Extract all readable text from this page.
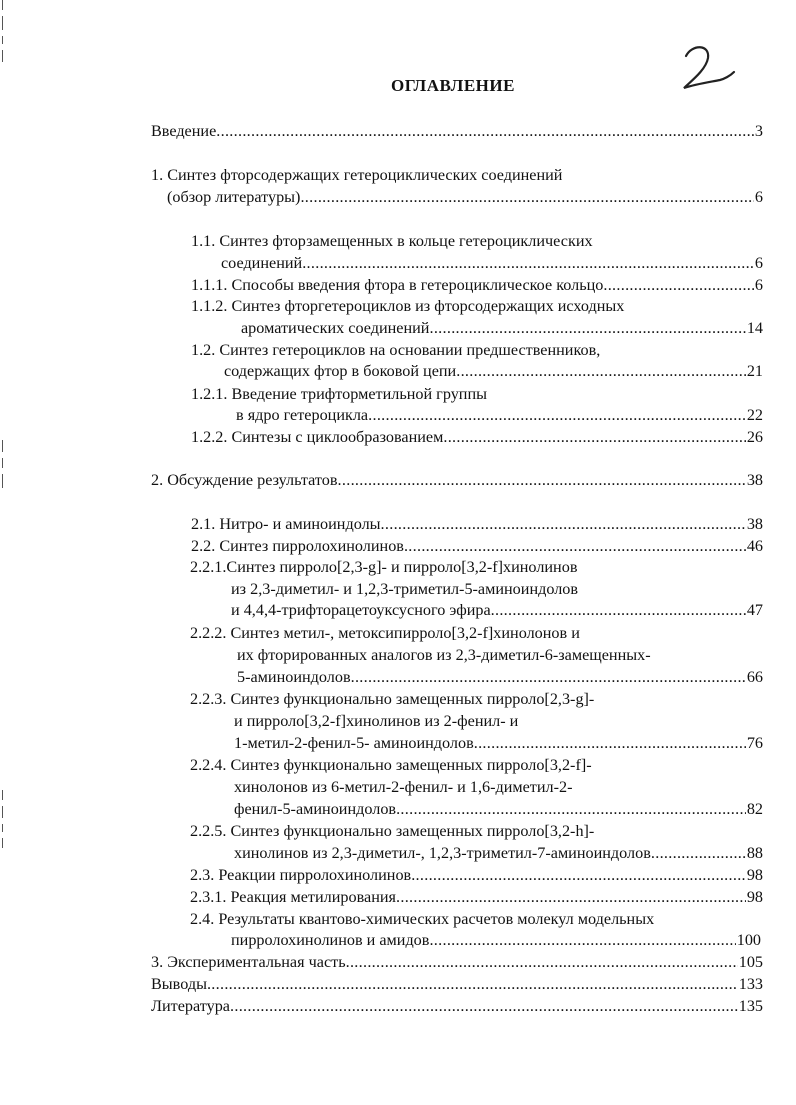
ОГЛАВЛЕНИЕ
Введение .....	3
1. Синтез фторсодержащих гетероциклических соединений
(обзор литературы) .....	6
1.1. Синтез фторзамещенных в кольце гетероциклических
соединений .....	6
1.1.1. Способы введения фтора в гетероциклическое кольцо .....	6
1.1.2. Синтез фторгетероциклов из фторсодержащих исходных
ароматических соединений .....	14
1.2. Синтез гетероциклов на основании предшественников,
содержащих фтор в боковой цепи .....	21
1.2.1. Введение трифторметильной группы
в ядро гетероцикла .....	22
1.2.2. Синтезы с циклообразованием .....	26
2. Обсуждение результатов .....	38
2.1. Нитро- и аминоиндолы .....	38
2.2. Синтез пирролохинолинов .....	46
2.2.1.Синтез пирроло[2,3-g]- и пирроло[3,2-f]хинолинов
из 2,3-диметил- и 1,2,3-триметил-5-аминоиндолов
и 4,4,4-трифторацетоуксусного эфира .....	47
2.2.2. Синтез метил-, метоксипирроло[3,2-f]хинолонов и
их фторированных аналогов из 2,3-диметил-6-замещенных-
5-аминоиндолов .....	66
2.2.3. Синтез функционально замещенных пирроло[2,3-g]-
и пирроло[3,2-f]хинолинов из 2-фенил- и
1-метил-2-фенил-5- аминоиндолов .....	76
2.2.4. Синтез функционально замещенных пирроло[3,2-f]-
хинолонов из 6-метил-2-фенил- и 1,6-диметил-2-
фенил-5-аминоиндолов .....	82
2.2.5. Синтез функционально замещенных пирроло[3,2-h]-
хинолинов из 2,3-диметил-, 1,2,3-триметил-7-аминоиндолов .....	88
2.3. Реакции пирролохинолинов .....	98
2.3.1. Реакция метилирования .....	98
2.4. Результаты квантово-химических расчетов молекул модельных
пирролохинолинов и амидов .....	100
3. Экспериментальная часть .....	105
Выводы .....	133
Литература .....	135
